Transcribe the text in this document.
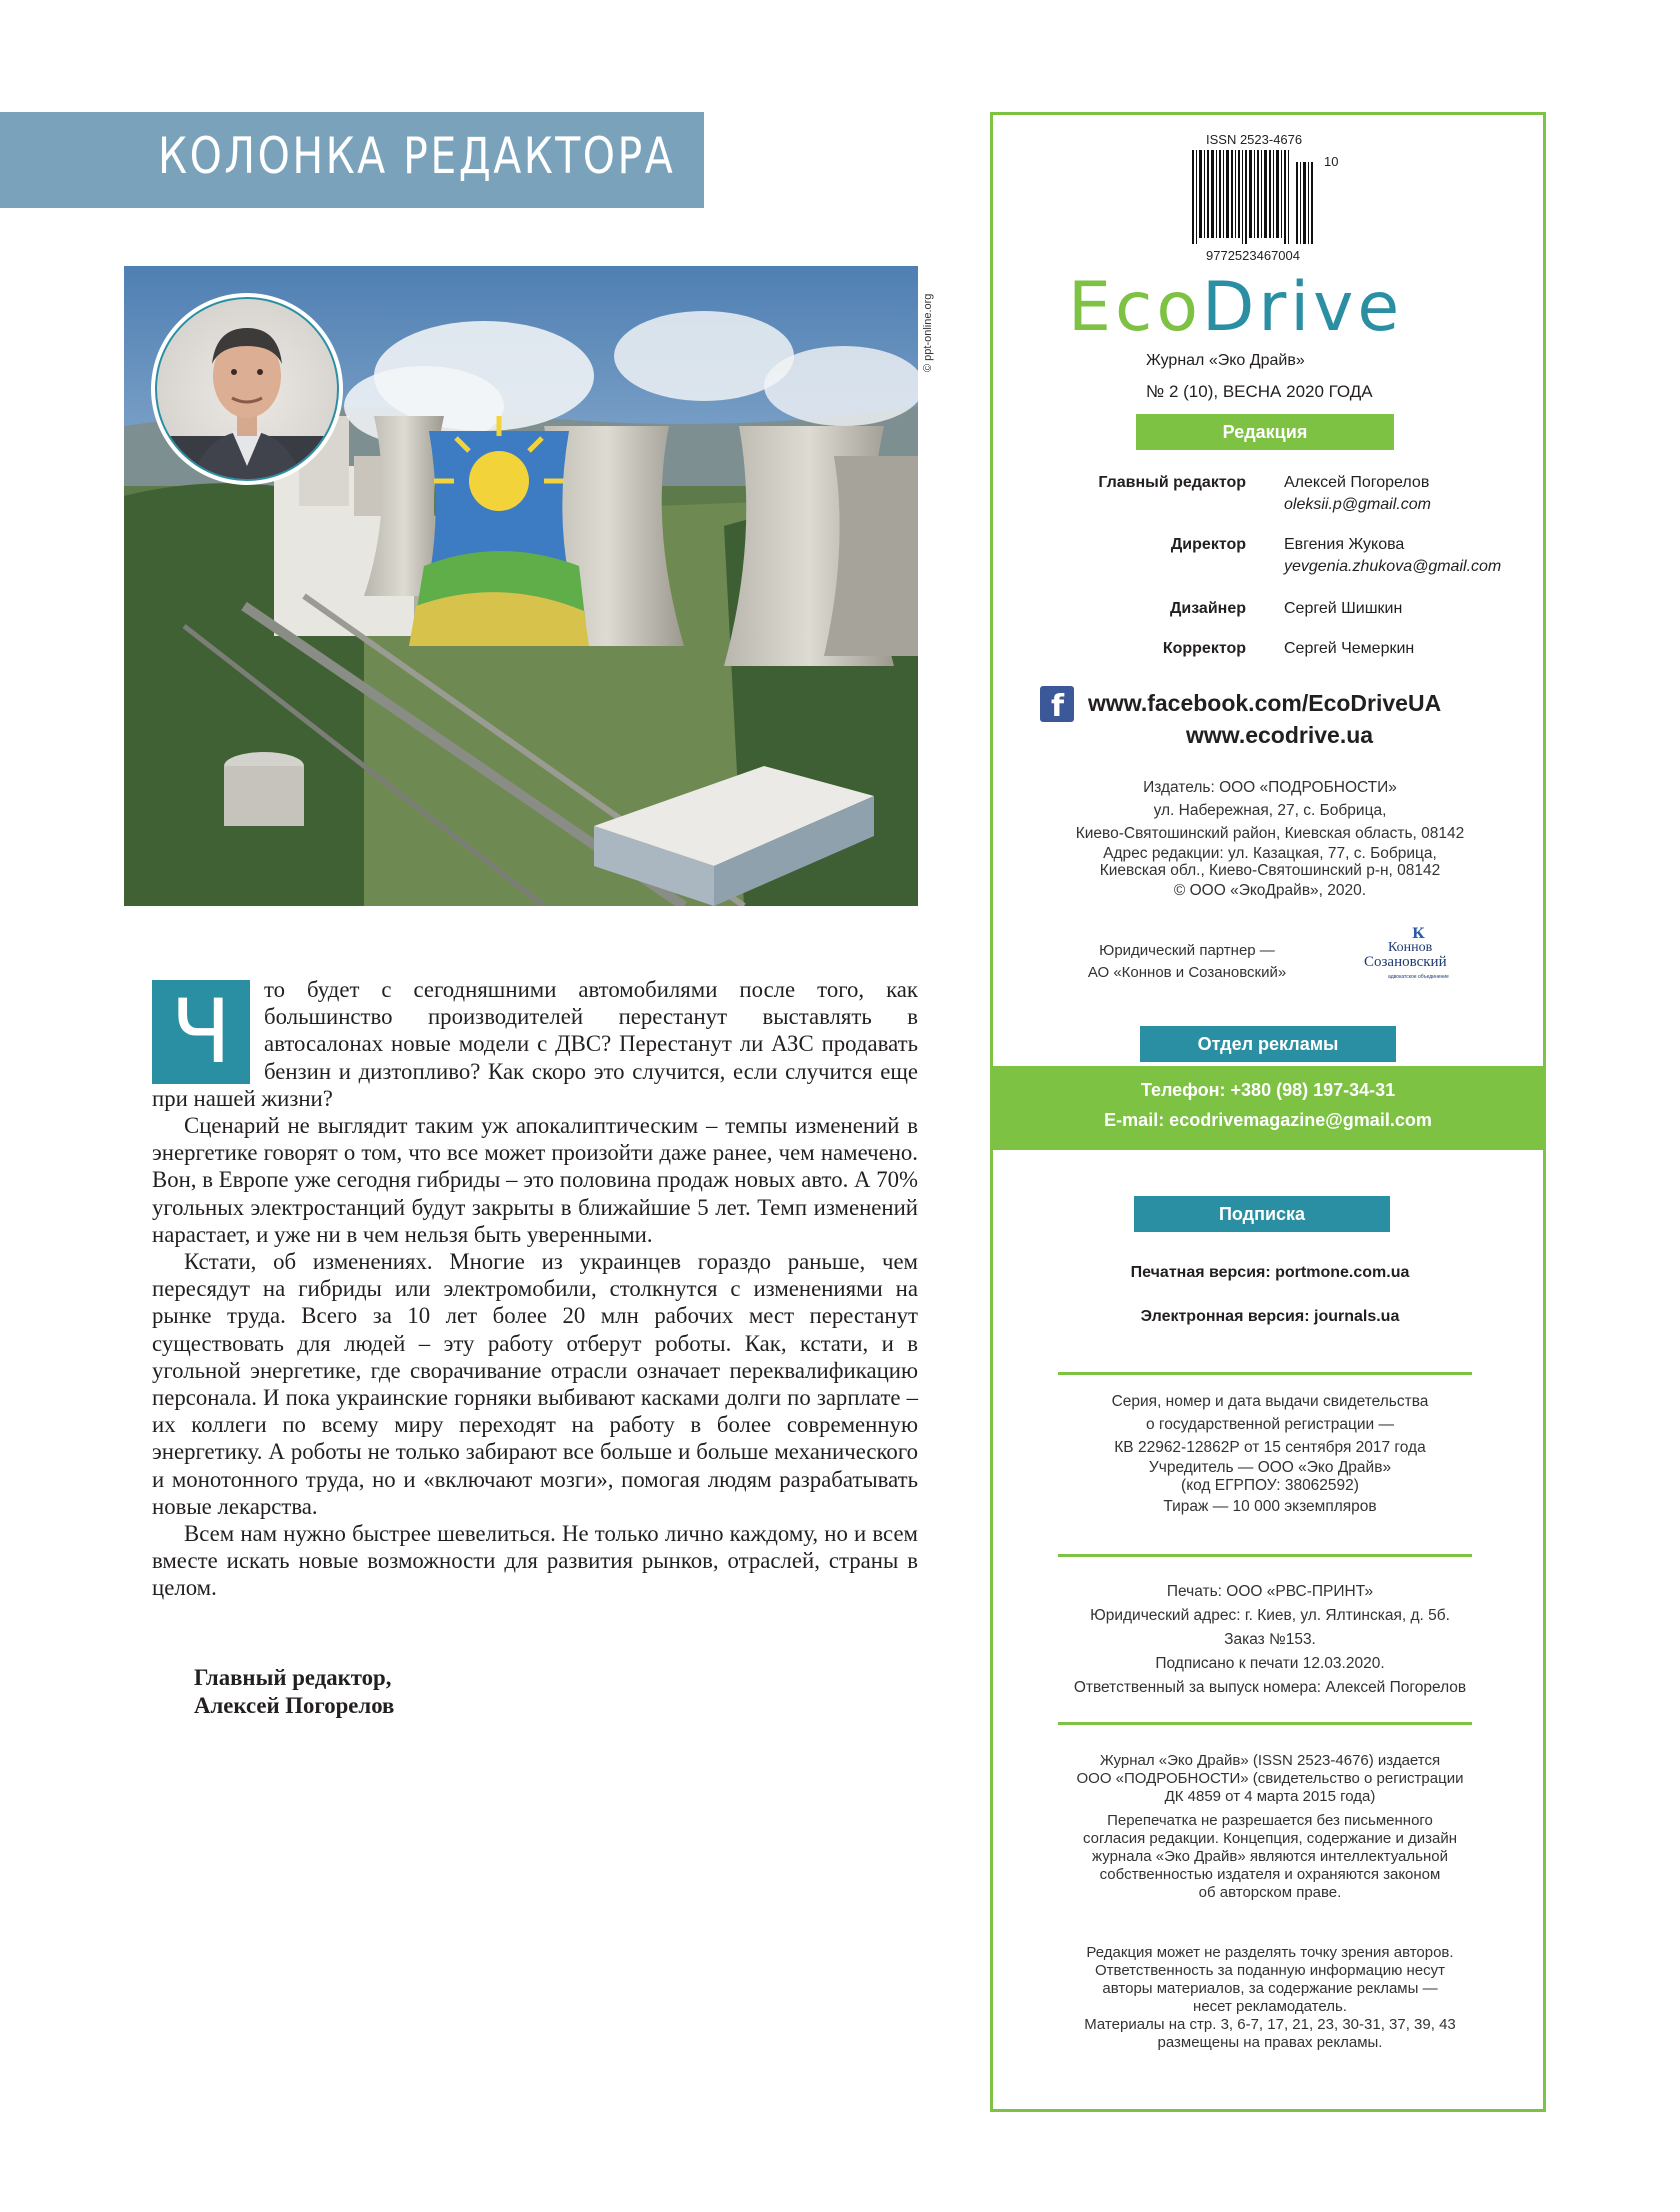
КОЛОНКА РЕДАКТОРА
© ppt-online.org

Ч	то будет с сегодняшними автомобилями после того, как большинство производителей перестанут выставлять в автосалонах новые модели с ДВС? Перестанут ли АЗС продавать бензин и дизтопливо? Как скоро это случится, если случится еще при нашей жизни?

Сценарий не выглядит таким уж апокалиптическим – темпы изменений в энергетике говорят о том, что все может произойти даже ранее, чем намечено. Вон, в Европе уже сегодня гибриды – это половина продаж новых авто. А 70% угольных электростанций будут закрыты в ближайшие 5 лет. Темп изменений нарастает, и уже ни в чем нельзя быть уверенными.

Кстати, об изменениях. Многие из украинцев гораздо раньше, чем пересядут на гибриды или электромобили, столкнутся с изменениями на рынке труда. Всего за 10 лет более 20 млн рабочих мест перестанут существовать для людей – эту работу отберут роботы. Как, кстати, и в угольной энергетике, где сворачивание отрасли означает переквалификацию персонала. И пока украинские горняки выбивают касками долги по зарплате – их коллеги по всему миру переходят на работу в более современную энергетику. А роботы не только забирают все больше и больше механического и монотонного труда, но и «включают мозги», помогая людям разрабатывать новые лекарства.

Всем нам нужно быстрее шевелиться. Не только лично каждому, но и всем вместе искать новые возможности для развития рынков, отраслей, страны в целом.

Главный редактор,
Алексей Погорелов
ISSN 2523-4676
10
9772523467004
EcoDrive
Журнал «Эко Драйв»
№ 2 (10), ВЕСНА 2020 ГОДА
Редакция
Главный редактор Алексей Погорелов
oleksii.p@gmail.com
Директор Евгения Жукова
yevgenia.zhukova@gmail.com
Дизайнер Сергей Шишкин
Корректор Сергей Чемеркин
f www.facebook.com/EcoDriveUA
www.ecodrive.ua
Издатель: ООО «ПОДРОБНОСТИ»
ул. Набережная, 27, с. Бобрица,
Киево-Святошинский район, Киевская область, 08142
Адрес редакции: ул. Казацкая, 77, с. Бобрица,
Киевская обл., Киево-Святошинский р-н, 08142
© ООО «ЭкоДрайв», 2020.
Юридический партнер —
АО «Коннов и Созановский»
К
Коннов
Созановский
адвокатское объединение
Отдел рекламы
Телефон: +380 (98) 197-34-31
E-mail: ecodrivemagazine@gmail.com
Подписка
Печатная версия: portmone.com.ua
Электронная версия: journals.ua
Серия, номер и дата выдачи свидетельства
о государственной регистрации —
КВ 22962-12862Р от 15 сентября 2017 года
Учредитель — ООО «Эко Драйв»
(код ЕГРПОУ: 38062592)
Тираж — 10 000 экземпляров
Печать: ООО «РВС-ПРИНТ»
Юридический адрес: г. Киев, ул. Ялтинская, д. 5б.
Заказ №153.
Подписано к печати 12.03.2020.
Ответственный за выпуск номера: Алексей Погорелов
Журнал «Эко Драйв» (ISSN 2523-4676) издается
ООО «ПОДРОБНОСТИ» (свидетельство о регистрации
ДК 4859 от 4 марта 2015 года)
Перепечатка не разрешается без письменного
согласия редакции. Концепция, содержание и дизайн
журнала «Эко Драйв» являются интеллектуальной
собственностью издателя и охраняются законом
об авторском праве.
Редакция может не разделять точку зрения авторов.
Ответственность за поданную информацию несут
авторы материалов, за содержание рекламы —
несет рекламодатель.
Материалы на стр. 3, 6-7, 17, 21, 23, 30-31, 37, 39, 43
размещены на правах рекламы.
